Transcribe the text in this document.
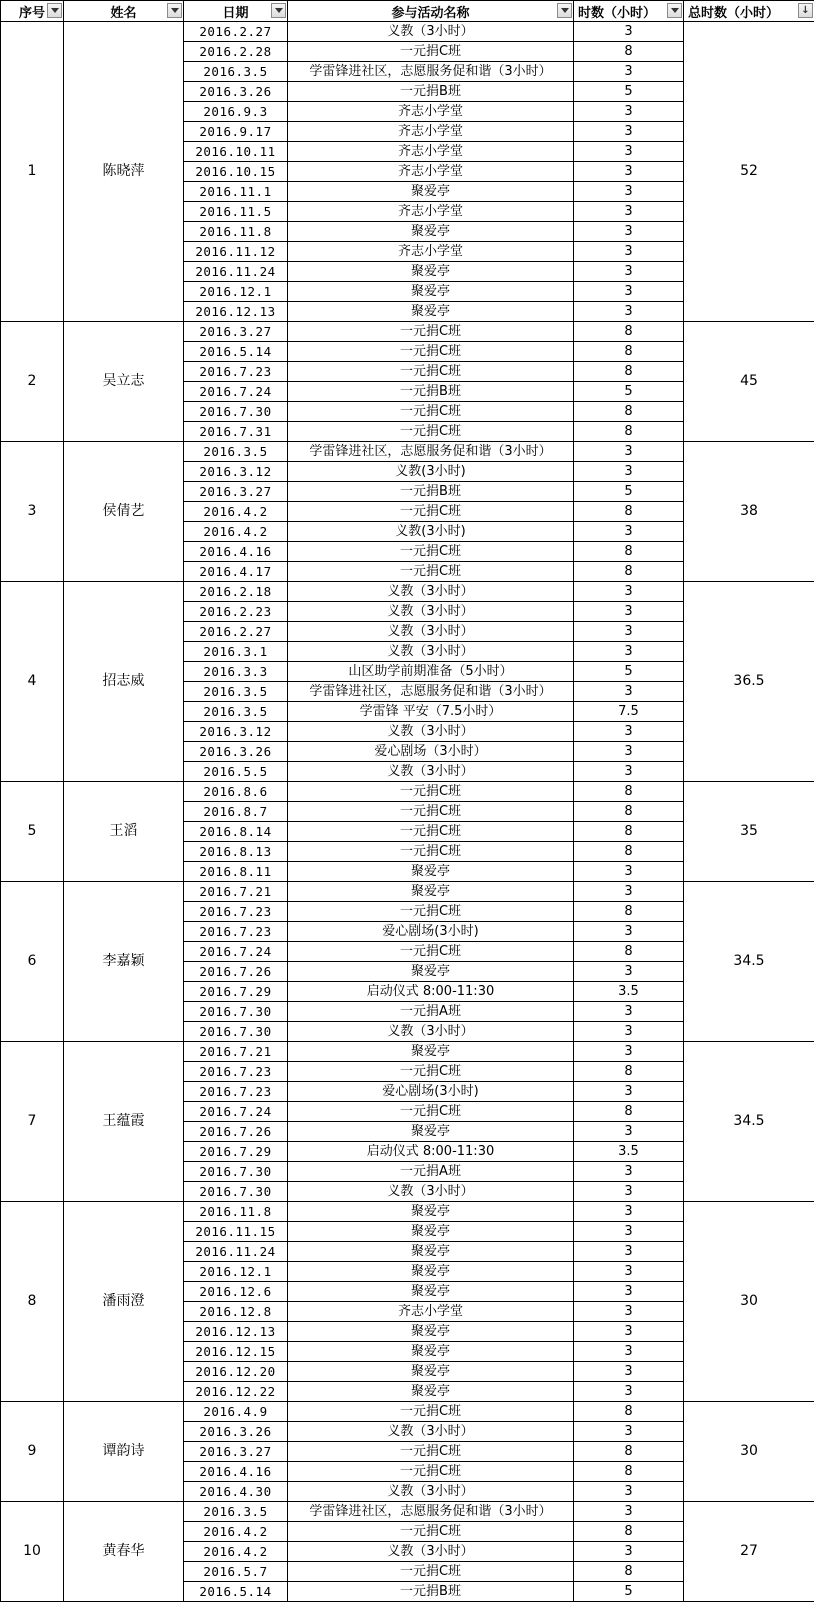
序号	姓名	日期	参与活动名称	时数（小时）	总时数（小时） ↓

1	陈晓萍	2016.2.27	义教（3小时）	3	52
		2016.2.28	一元捐C班	8	
		2016.3.5	学雷锋进社区，志愿服务促和谐（3小时）	3	
		2016.3.26	一元捐B班	5	
		2016.9.3	齐志小学堂	3	
		2016.9.17	齐志小学堂	3	
		2016.10.11	齐志小学堂	3	
		2016.10.15	齐志小学堂	3	
		2016.11.1	聚爱亭	3	
		2016.11.5	齐志小学堂	3	
		2016.11.8	聚爱亭	3	
		2016.11.12	齐志小学堂	3	
		2016.11.24	聚爱亭	3	
		2016.12.1	聚爱亭	3	
		2016.12.13	聚爱亭	3	
2	吴立志	2016.3.27	一元捐C班	8	45
		2016.5.14	一元捐C班	8	
		2016.7.23	一元捐C班	8	
		2016.7.24	一元捐B班	5	
		2016.7.30	一元捐C班	8	
		2016.7.31	一元捐C班	8	
3	侯倩艺	2016.3.5	学雷锋进社区，志愿服务促和谐（3小时）	3	38
		2016.3.12	义教(3小时)	3	
		2016.3.27	一元捐B班	5	
		2016.4.2	一元捐C班	8	
		2016.4.2	义教(3小时)	3	
		2016.4.16	一元捐C班	8	
		2016.4.17	一元捐C班	8	
4	招志威	2016.2.18	义教（3小时）	3	36.5
		2016.2.23	义教（3小时）	3	
		2016.2.27	义教（3小时）	3	
		2016.3.1	义教（3小时）	3	
		2016.3.3	山区助学前期准备（5小时）	5	
		2016.3.5	学雷锋进社区，志愿服务促和谐（3小时）	3	
		2016.3.5	学雷锋 平安（7.5小时）	7.5	
		2016.3.12	义教（3小时）	3	
		2016.3.26	爱心剧场（3小时）	3	
		2016.5.5	义教（3小时）	3	
5	王滔	2016.8.6	一元捐C班	8	35
		2016.8.7	一元捐C班	8	
		2016.8.14	一元捐C班	8	
		2016.8.13	一元捐C班	8	
		2016.8.11	聚爱亭	3	
6	李嘉颖	2016.7.21	聚爱亭	3	34.5
		2016.7.23	一元捐C班	8	
		2016.7.23	爱心剧场(3小时)	3	
		2016.7.24	一元捐C班	8	
		2016.7.26	聚爱亭	3	
		2016.7.29	启动仪式 8:00-11:30	3.5	
		2016.7.30	一元捐A班	3	
		2016.7.30	义教（3小时）	3	
7	王蕴霞	2016.7.21	聚爱亭	3	34.5
		2016.7.23	一元捐C班	8	
		2016.7.23	爱心剧场(3小时)	3	
		2016.7.24	一元捐C班	8	
		2016.7.26	聚爱亭	3	
		2016.7.29	启动仪式 8:00-11:30	3.5	
		2016.7.30	一元捐A班	3	
		2016.7.30	义教（3小时）	3	
8	潘雨澄	2016.11.8	聚爱亭	3	30
		2016.11.15	聚爱亭	3	
		2016.11.24	聚爱亭	3	
		2016.12.1	聚爱亭	3	
		2016.12.6	聚爱亭	3	
		2016.12.8	齐志小学堂	3	
		2016.12.13	聚爱亭	3	
		2016.12.15	聚爱亭	3	
		2016.12.20	聚爱亭	3	
		2016.12.22	聚爱亭	3	
9	谭韵诗	2016.4.9	一元捐C班	8	30
		2016.3.26	义教（3小时）	3	
		2016.3.27	一元捐C班	8	
		2016.4.16	一元捐C班	8	
		2016.4.30	义教（3小时）	3	
10	黄春华	2016.3.5	学雷锋进社区，志愿服务促和谐（3小时）	3	27
		2016.4.2	一元捐C班	8	
		2016.4.2	义教（3小时）	3	
		2016.5.7	一元捐C班	8	
		2016.5.14	一元捐B班	5	
